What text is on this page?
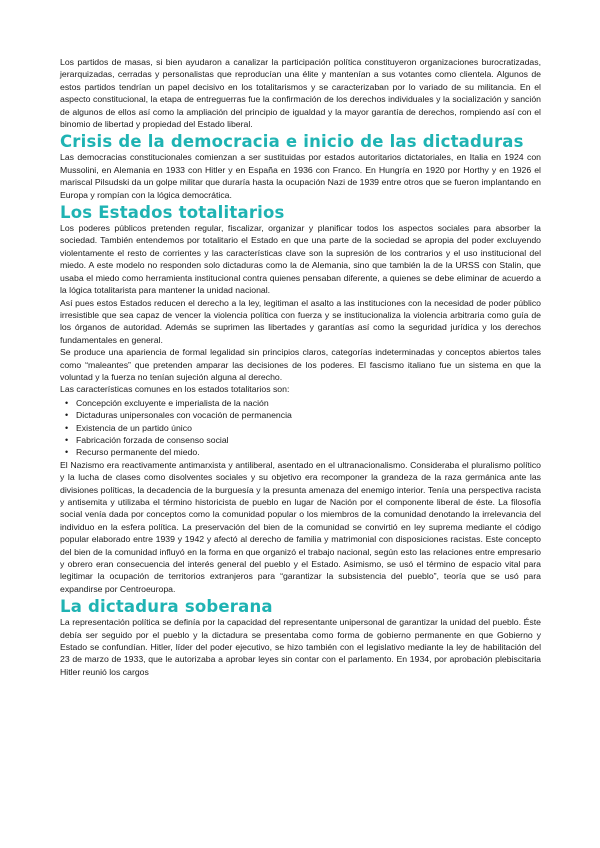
Los partidos de masas, si bien ayudaron a canalizar la participación política constituyeron organizaciones burocratizadas, jerarquizadas, cerradas y personalistas que reproducían una élite y mantenían a sus votantes como clientela. Algunos de estos partidos tendrían un papel decisivo en los totalitarismos y se caracterizaban por lo variado de su militancia. En el aspecto constitucional, la etapa de entreguerras fue la confirmación de los derechos individuales y la socialización y sanción de algunos de ellos así como la ampliación del principio de igualdad y la mayor garantía de derechos, rompiendo así con el binomio de libertad y propiedad del Estado liberal.

Crisis de la democracia e inicio de las dictaduras

Las democracias constitucionales comienzan a ser sustituidas por estados autoritarios dictatoriales, en Italia en 1924 con Mussolini, en Alemania en 1933 con Hitler y en España en 1936 con Franco. En Hungría en 1920 por Horthy y en 1926 el mariscal Pilsudski da un golpe militar que duraría hasta la ocupación Nazi de 1939 entre otros que se fueron implantando en Europa y rompían con la lógica democrática.

Los Estados totalitarios

Los poderes públicos pretenden regular, fiscalizar, organizar y planificar todos los aspectos sociales para absorber la sociedad. También entendemos por totalitario el Estado en que una parte de la sociedad se apropia del poder excluyendo violentamente el resto de corrientes y las características clave son la supresión de los contrarios y el uso institucional del miedo. A este modelo no responden solo dictaduras como la de Alemania, sino que también la de la URSS con Stalin, que usaba el miedo como herramienta institucional contra quienes pensaban diferente, a quienes se debe eliminar de acuerdo a la lógica totalitarista para mantener la unidad nacional.

Así pues estos Estados reducen el derecho a la ley, legitiman el asalto a las instituciones con la necesidad de poder público irresistible que sea capaz de vencer la violencia política con fuerza y se institucionaliza la violencia arbitraria como guía de los órganos de autoridad. Además se suprimen las libertades y garantías así como la seguridad jurídica y los derechos fundamentales en general.

Se produce una apariencia de formal legalidad sin principios claros, categorías indeterminadas y conceptos abiertos tales como “maleantes” que pretenden amparar las decisiones de los poderes. El fascismo italiano fue un sistema en que la voluntad y la fuerza no tenían sujeción alguna al derecho.

Las características comunes en los estados totalitarios son:

• Concepción excluyente e imperialista de la nación
• Dictaduras unipersonales con vocación de permanencia
• Existencia de un partido único
• Fabricación forzada de consenso social
• Recurso permanente del miedo.

El Nazismo era reactivamente antimarxista y antiliberal, asentado en el ultranacionalismo. Consideraba el pluralismo político y la lucha de clases como disolventes sociales y su objetivo era recomponer la grandeza de la raza germánica ante las divisiones políticas, la decadencia de la burguesía y la presunta amenaza del enemigo interior. Tenía una perspectiva racista y antisemita y utilizaba el término historicista de pueblo en lugar de Nación por el componente liberal de éste. La filosofía social venía dada por conceptos como la comunidad popular o los miembros de la comunidad denotando la irrelevancia del individuo en la esfera política. La preservación del bien de la comunidad se convirtió en ley suprema mediante el código popular elaborado entre 1939 y 1942 y afectó al derecho de familia y matrimonial con disposiciones racistas. Este concepto del bien de la comunidad influyó en la forma en que organizó el trabajo nacional, según esto las relaciones entre empresario y obrero eran consecuencia del interés general del pueblo y el Estado. Asimismo, se usó el término de espacio vital para legitimar la ocupación de territorios extranjeros para “garantizar la subsistencia del pueblo”, teoría que se usó para expandirse por Centroeuropa.

La dictadura soberana

La representación política se definía por la capacidad del representante unipersonal de garantizar la unidad del pueblo. Éste debía ser seguido por el pueblo y la dictadura se presentaba como forma de gobierno permanente en que Gobierno y Estado se confundían. Hitler, líder del poder ejecutivo, se hizo también con el legislativo mediante la ley de habilitación del 23 de marzo de 1933, que le autorizaba a aprobar leyes sin contar con el parlamento. En 1934, por aprobación plebiscitaria Hitler reunió los cargos
